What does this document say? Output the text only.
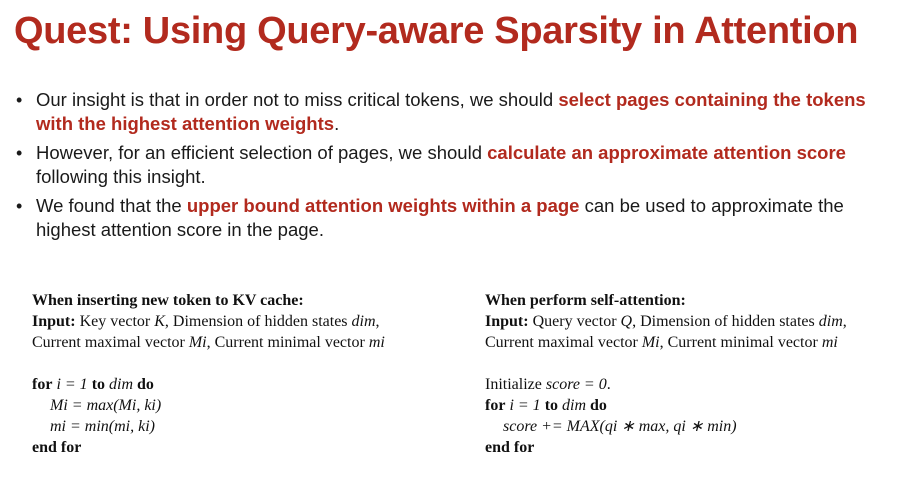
Quest: Using Query-aware Sparsity in Attention
• Our insight is that in order not to miss critical tokens, we should select pages containing the tokens with the highest attention weights.
• However, for an efficient selection of pages, we should calculate an approximate attention score following this insight.
• We found that the upper bound attention weights within a page can be used to approximate the highest attention score in the page.
When inserting new token to KV cache:
Input: Key vector K, Dimension of hidden states dim,
Current maximal vector Mi, Current minimal vector mi
for i = 1 to dim do
Mi = max(Mi, ki)
mi = min(mi, ki)
end for
When perform self-attention:
Input: Query vector Q, Dimension of hidden states dim,
Current maximal vector Mi, Current minimal vector mi
Initialize score = 0.
for i = 1 to dim do
score += MAX(qi ∗ max, qi ∗ min)
end for
